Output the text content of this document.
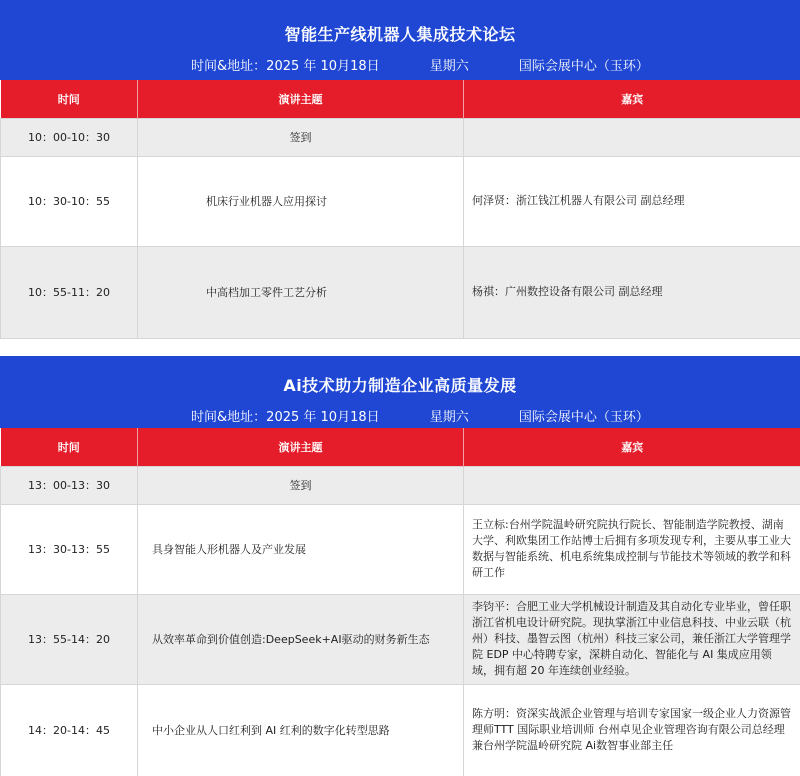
智能生产线机器人集成技术论坛
时间&地址：2025 年 10月18日	星期六	国际会展中心（玉环）
时间	演讲主题	嘉宾
10：00-10：30	签到	
10：30-10：55	机床行业机器人应用探讨	何泽贤：浙江钱江机器人有限公司 副总经理
10：55-11：20	中高档加工零件工艺分析	杨祺：广州数控设备有限公司 副总经理
Ai技术助力制造企业高质量发展
时间&地址：2025 年 10月18日	星期六	国际会展中心（玉环）
时间	演讲主题	嘉宾
13：00-13：30	签到	
13：30-13：55	具身智能人形机器人及产业发展	王立标:台州学院温岭研究院执行院长、智能制造学院教授、湖南大学、利欧集团工作站博士后拥有多项发现专利，主要从事工业大数据与智能系统、机电系统集成控制与节能技术等领域的教学和科研工作
13：55-14：20	从效率革命到价值创造:DeepSeek+AI驱动的财务新生态	李钧平：合肥工业大学机械设计制造及其自动化专业毕业，曾任职浙江省机电设计研究院。现执掌浙江中业信息科技、中业云联（杭州）科技、墨智云图（杭州）科技三家公司，兼任浙江大学管理学院 EDP 中心特聘专家，深耕自动化、智能化与 AI 集成应用领域，拥有超 20 年连续创业经验。
14：20-14：45	中小企业从人口红利到 AI 红利的数字化转型思路	陈方明：资深实战派企业管理与培训专家国家一级企业人力资源管理师TTT 国际职业培训师 台州卓见企业管理咨询有限公司总经理兼台州学院温岭研究院 Ai数智事业部主任
